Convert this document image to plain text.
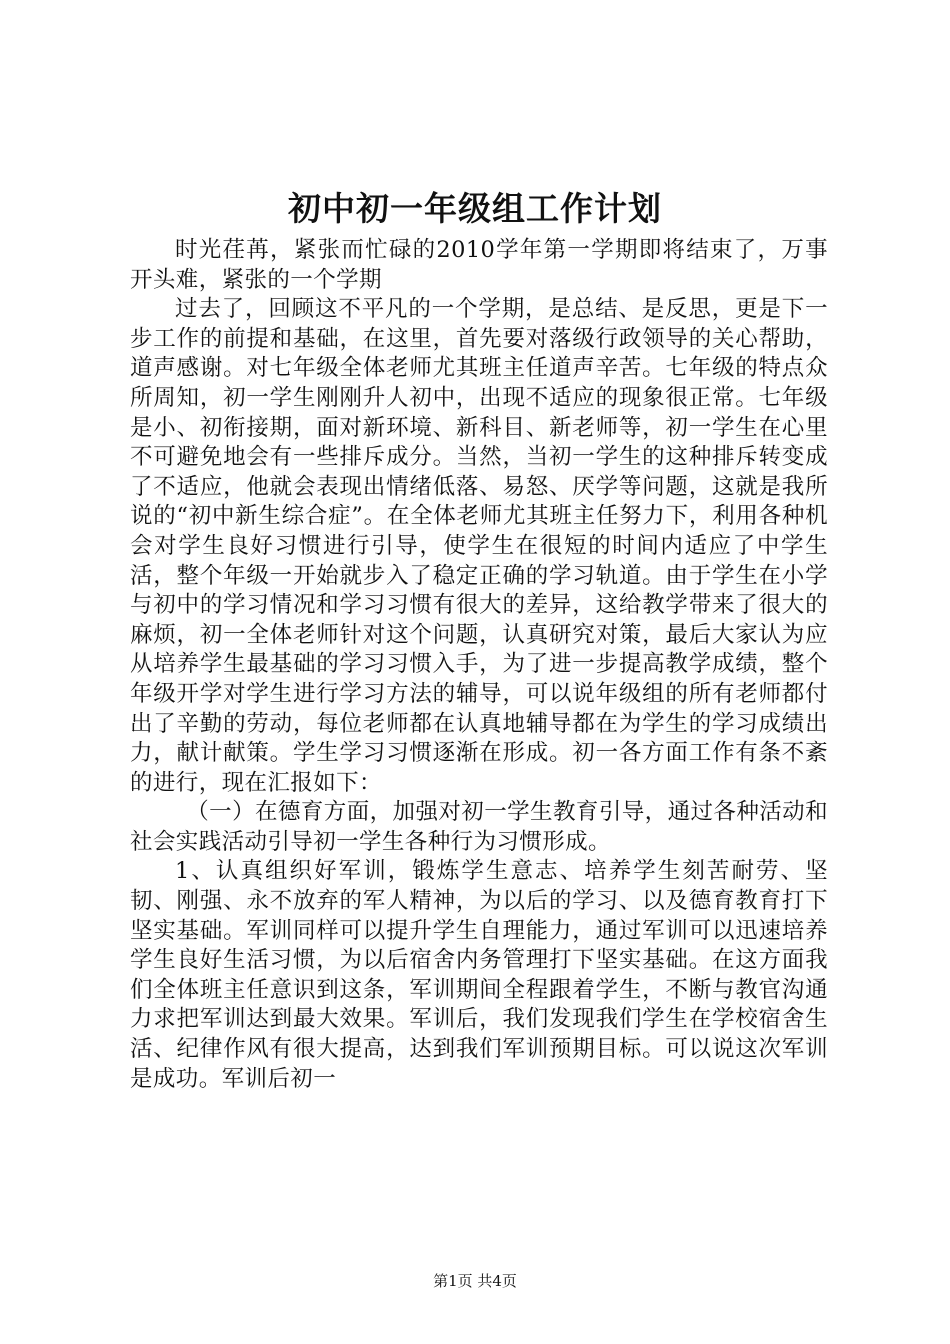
初中初一年级组工作计划

时光荏苒，紧张而忙碌的2010学年第一学期即将结束了，万事开头难，紧张的一个学期

过去了，回顾这不平凡的一个学期，是总结、是反思，更是下一步工作的前提和基础，在这里，首先要对落级行政领导的关心帮助，道声感谢。对七年级全体老师尤其班主任道声辛苦。七年级的特点众所周知，初一学生刚刚升人初中，出现不适应的现象很正常。七年级是小、初衔接期，面对新环境、新科目、新老师等，初一学生在心里不可避免地会有一些排斥成分。当然，当初一学生的这种排斥转变成了不适应，他就会表现出情绪低落、易怒、厌学等问题，这就是我所说的“初中新生综合症”。在全体老师尤其班主任努力下，利用各种机会对学生良好习惯进行引导，使学生在很短的时间内适应了中学生活，整个年级一开始就步入了稳定正确的学习轨道。由于学生在小学与初中的学习情况和学习习惯有很大的差异，这给教学带来了很大的麻烦，初一全体老师针对这个问题，认真研究对策，最后大家认为应从培养学生最基础的学习习惯入手，为了进一步提高教学成绩，整个年级开学对学生进行学习方法的辅导，可以说年级组的所有老师都付出了辛勤的劳动，每位老师都在认真地辅导都在为学生的学习成绩出力，献计献策。学生学习习惯逐渐在形成。初一各方面工作有条不紊的进行，现在汇报如下：

（一）在德育方面，加强对初一学生教育引导，通过各种活动和社会实践活动引导初一学生各种行为习惯形成。

1、认真组织好军训，锻炼学生意志、培养学生刻苦耐劳、坚韧、刚强、永不放弃的军人精神，为以后的学习、以及德育教育打下坚实基础。军训同样可以提升学生自理能力，通过军训可以迅速培养学生良好生活习惯，为以后宿舍内务管理打下坚实基础。在这方面我们全体班主任意识到这条，军训期间全程跟着学生，不断与教官沟通力求把军训达到最大效果。军训后，我们发现我们学生在学校宿舍生活、纪律作风有很大提高，达到我们军训预期目标。可以说这次军训是成功。军训后初一

第1页 共4页
